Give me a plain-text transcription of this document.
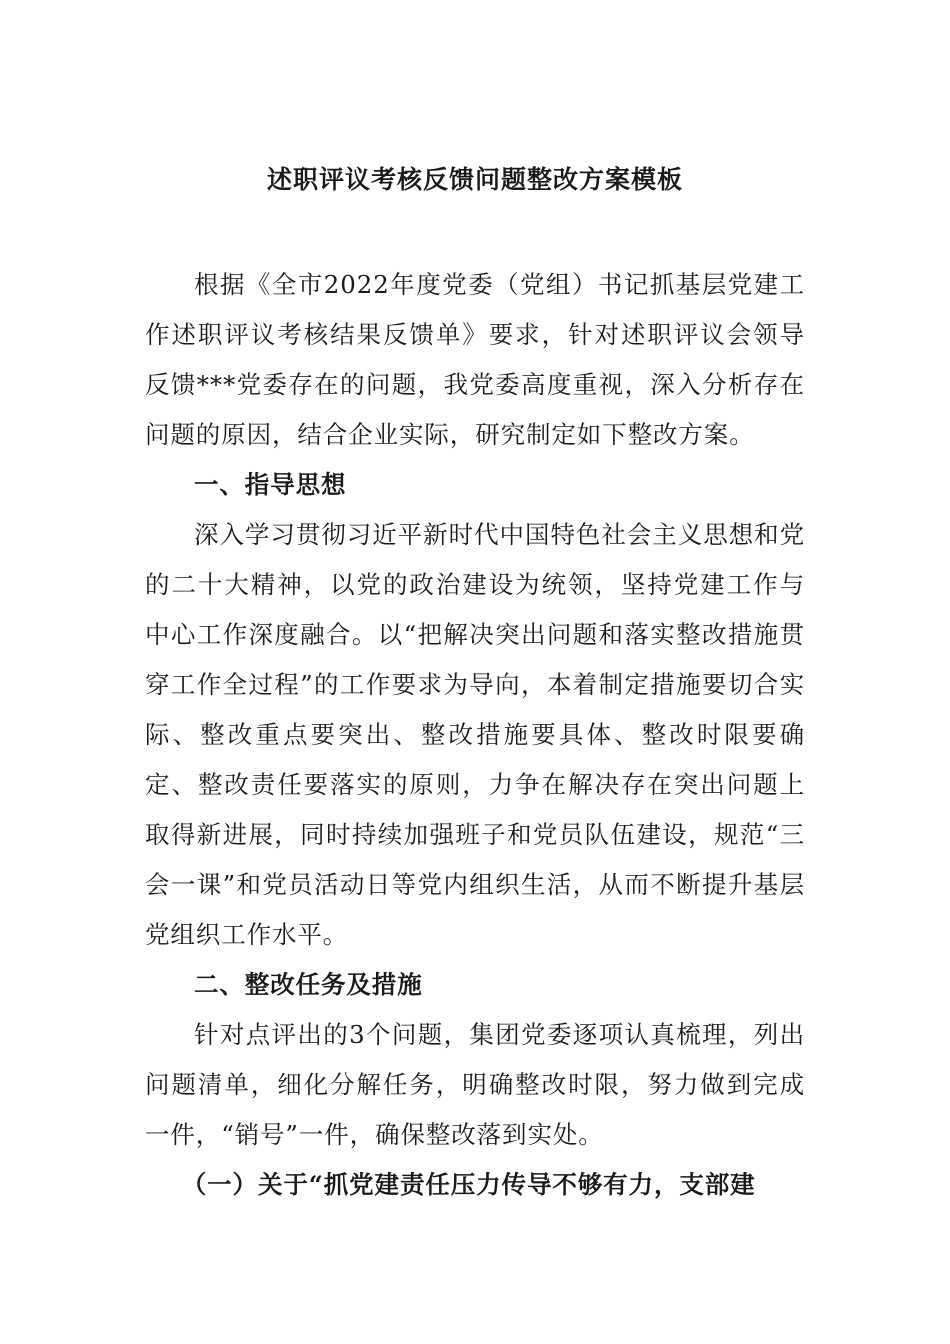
述职评议考核反馈问题整改方案模板

根据《全市2022年度党委（党组）书记抓基层党建工作述职评议考核结果反馈单》要求，针对述职评议会领导反馈***党委存在的问题，我党委高度重视，深入分析存在问题的原因，结合企业实际，研究制定如下整改方案。

一、指导思想

深入学习贯彻习近平新时代中国特色社会主义思想和党的二十大精神，以党的政治建设为统领，坚持党建工作与中心工作深度融合。以“把解决突出问题和落实整改措施贯穿工作全过程”的工作要求为导向，本着制定措施要切合实际、整改重点要突出、整改措施要具体、整改时限要确定、整改责任要落实的原则，力争在解决存在突出问题上取得新进展，同时持续加强班子和党员队伍建设，规范“三会一课”和党员活动日等党内组织生活，从而不断提升基层党组织工作水平。

二、整改任务及措施

针对点评出的3个问题，集团党委逐项认真梳理，列出问题清单，细化分解任务，明确整改时限，努力做到完成一件，“销号”一件，确保整改落到实处。

（一）关于“抓党建责任压力传导不够有力，支部建
